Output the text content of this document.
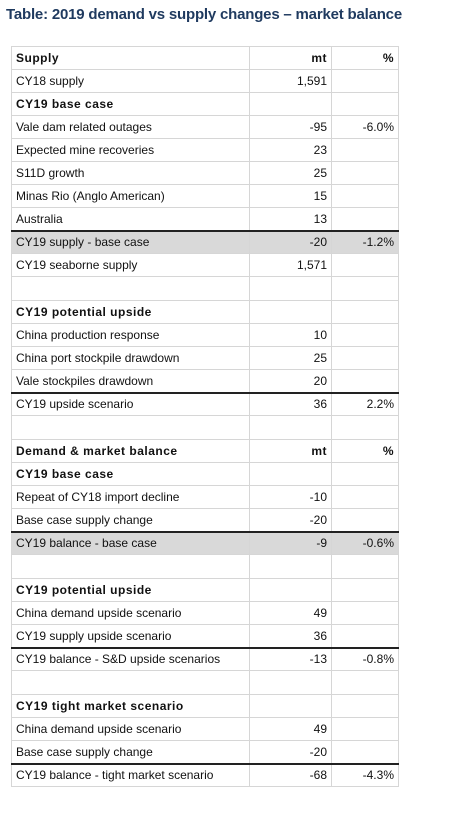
Table: 2019 demand vs supply changes – market balance
Supply	mt	%
CY18 supply	1,591	
CY19 base case		
Vale dam related outages	-95	-6.0%
Expected mine recoveries	23	
S11D growth	25	
Minas Rio (Anglo American)	15	
Australia	13	
CY19 supply - base case	-20	-1.2%
CY19 seaborne supply	1,571	

CY19 potential upside		
China production response	10	
China port stockpile drawdown	25	
Vale stockpiles drawdown	20	
CY19 upside scenario	36	2.2%

Demand & market balance	mt	%
CY19 base case		
Repeat of CY18 import decline	-10	
Base case supply change	-20	
CY19 balance - base case	-9	-0.6%

CY19 potential upside		
China demand upside scenario	49	
CY19 supply upside scenario	36	
CY19 balance - S&D upside scenarios	-13	-0.8%

CY19 tight market scenario		
China demand upside scenario	49	
Base case supply change	-20	
CY19 balance - tight market scenario	-68	-4.3%
